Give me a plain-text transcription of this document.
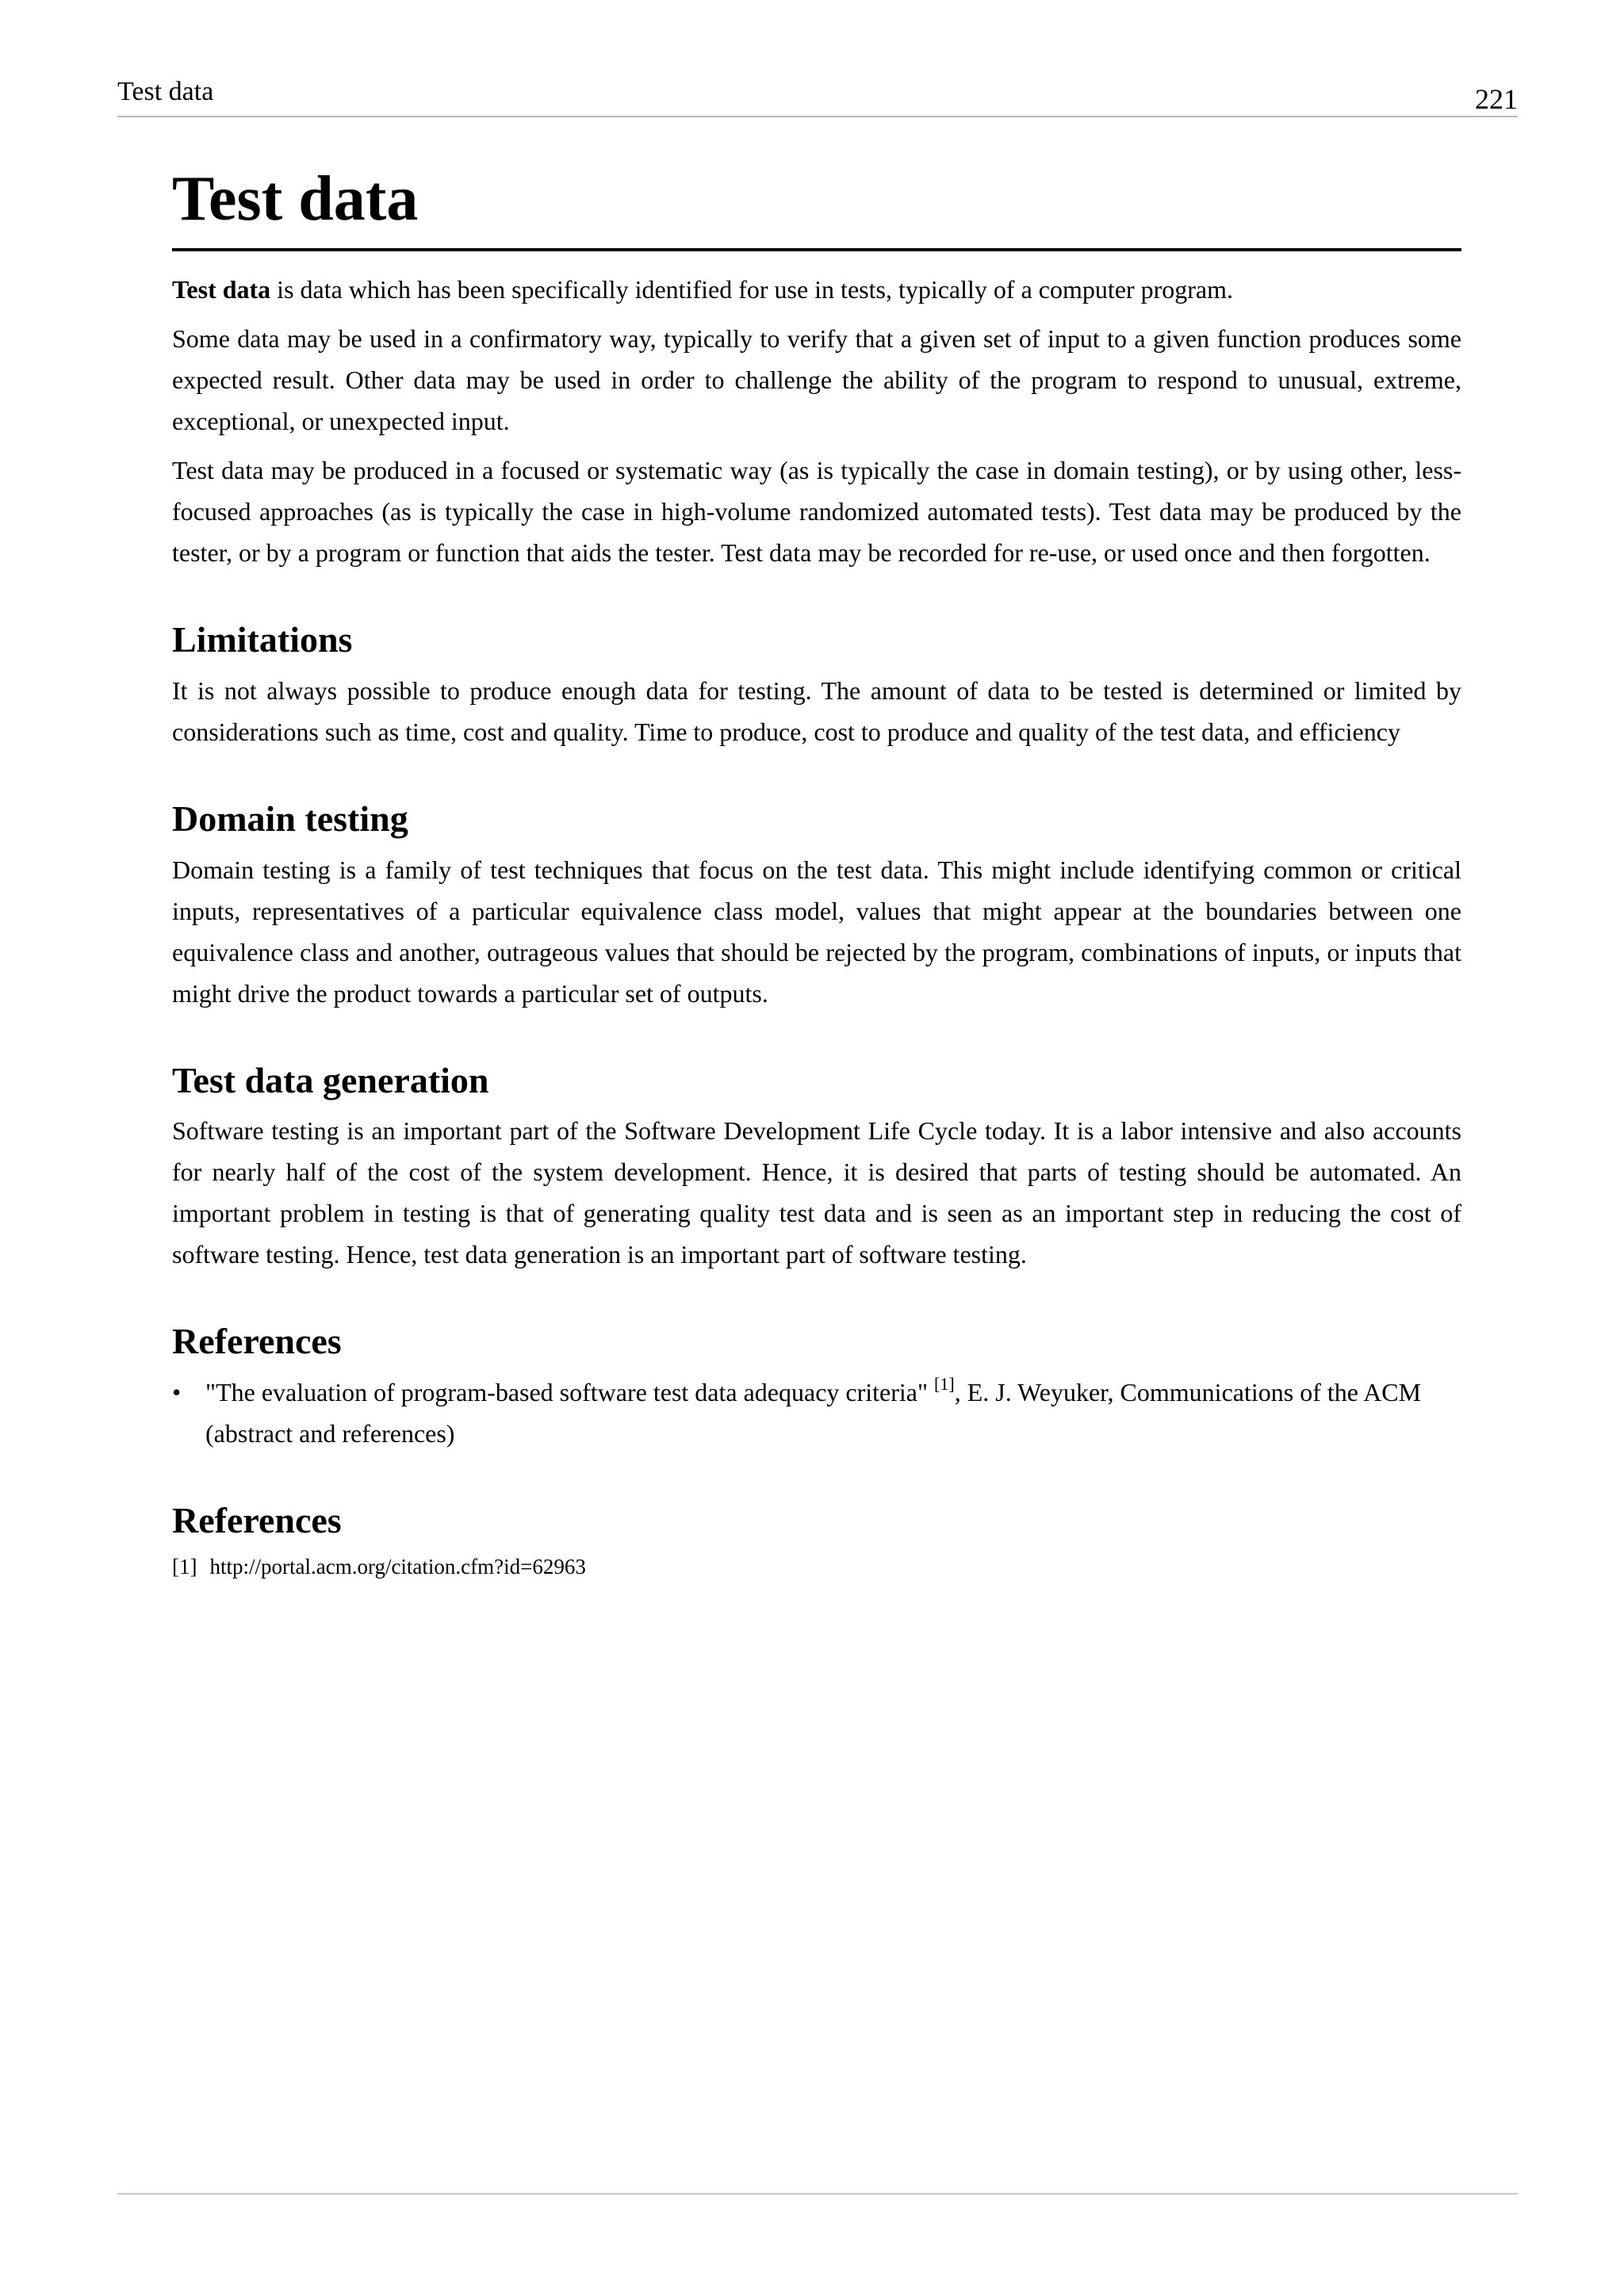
Test data	221
Test data

Test data is data which has been specifically identified for use in tests, typically of a computer program.

Some data may be used in a confirmatory way, typically to verify that a given set of input to a given function produces some expected result. Other data may be used in order to challenge the ability of the program to respond to unusual, extreme, exceptional, or unexpected input.

Test data may be produced in a focused or systematic way (as is typically the case in domain testing), or by using other, less-focused approaches (as is typically the case in high-volume randomized automated tests). Test data may be produced by the tester, or by a program or function that aids the tester. Test data may be recorded for re-use, or used once and then forgotten.

Limitations

It is not always possible to produce enough data for testing. The amount of data to be tested is determined or limited by considerations such as time, cost and quality. Time to produce, cost to produce and quality of the test data, and efficiency

Domain testing

Domain testing is a family of test techniques that focus on the test data. This might include identifying common or critical inputs, representatives of a particular equivalence class model, values that might appear at the boundaries between one equivalence class and another, outrageous values that should be rejected by the program, combinations of inputs, or inputs that might drive the product towards a particular set of outputs.

Test data generation

Software testing is an important part of the Software Development Life Cycle today. It is a labor intensive and also accounts for nearly half of the cost of the system development. Hence, it is desired that parts of testing should be automated. An important problem in testing is that of generating quality test data and is seen as an important step in reducing the cost of software testing. Hence, test data generation is an important part of software testing.

References
• "The evaluation of program-based software test data adequacy criteria" [1], E. J. Weyuker, Communications of the ACM (abstract and references)
References
[1] http://portal.acm.org/citation.cfm?id=62963
